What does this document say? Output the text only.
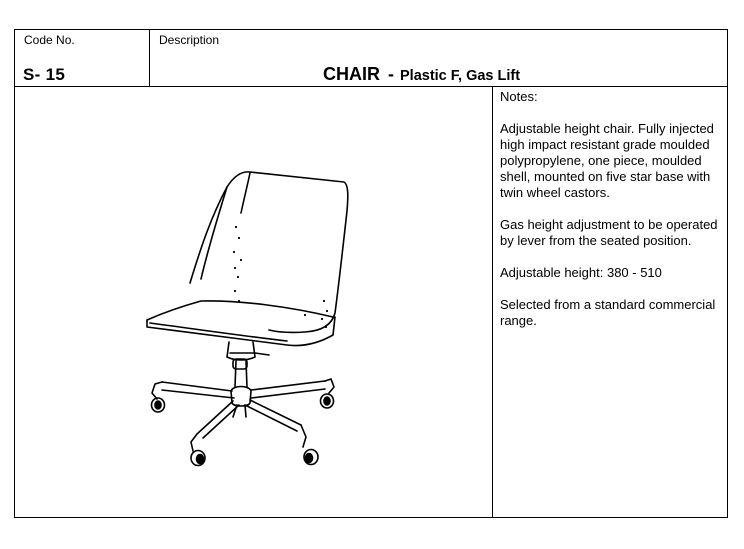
Code No.	Description
S- 15	CHAIR - Plastic F, Gas Lift
Notes:

Adjustable height chair. Fully injected high impact resistant grade moulded polypropylene, one piece, moulded shell, mounted on five star base with twin wheel castors.

Gas height adjustment to be operated by lever from the seated position.

Adjustable height: 380 - 510

Selected from a standard commercial range.
